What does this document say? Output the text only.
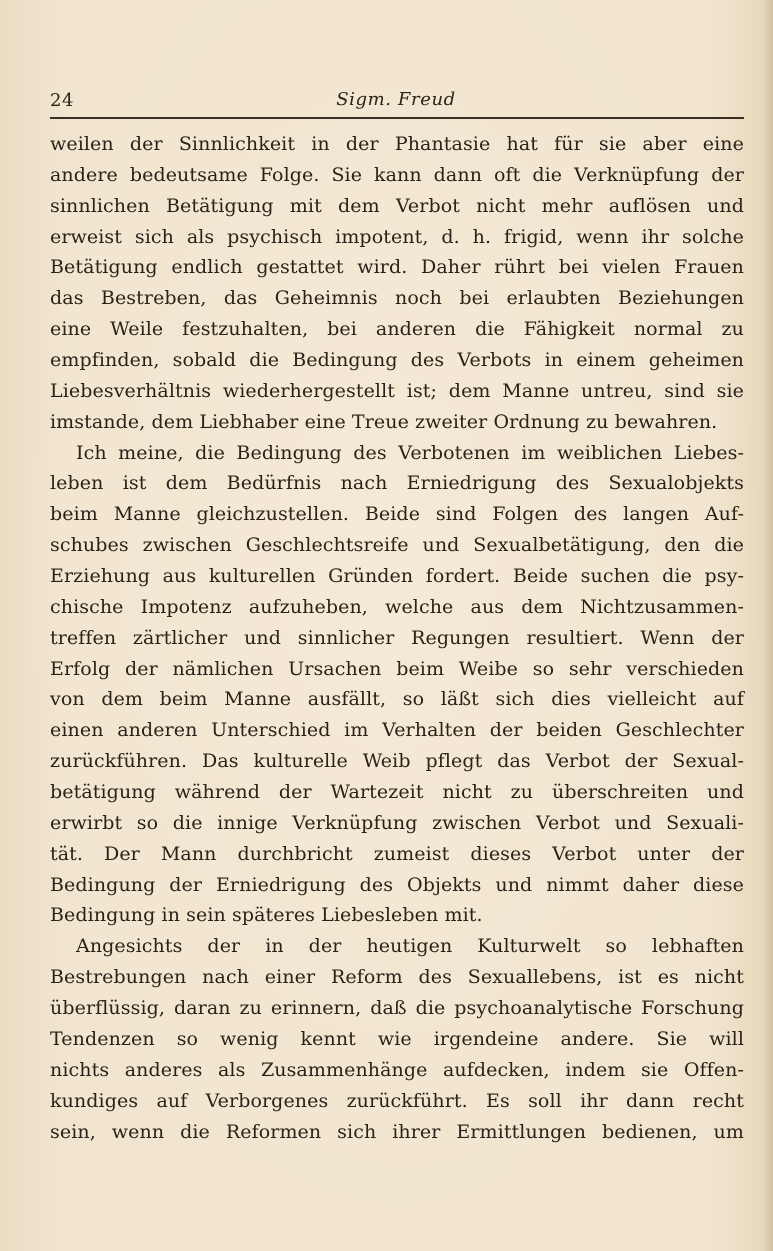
24	Sigm. Freud
weilen der Sinnlichkeit in der Phantasie hat für sie aber eine
andere bedeutsame Folge. Sie kann dann oft die Verknüpfung der
sinnlichen Betätigung mit dem Verbot nicht mehr auflösen und
erweist sich als psychisch impotent, d. h. frigid, wenn ihr solche
Betätigung endlich gestattet wird. Daher rührt bei vielen Frauen
das Bestreben, das Geheimnis noch bei erlaubten Beziehungen
eine Weile festzuhalten, bei anderen die Fähigkeit normal zu
empfinden, sobald die Bedingung des Verbots in einem geheimen
Liebesverhältnis wiederhergestellt ist; dem Manne untreu, sind sie
imstande, dem Liebhaber eine Treue zweiter Ordnung zu bewahren.
Ich meine, die Bedingung des Verbotenen im weiblichen Liebes-
leben ist dem Bedürfnis nach Erniedrigung des Sexualobjekts
beim Manne gleichzustellen. Beide sind Folgen des langen Auf-
schubes zwischen Geschlechtsreife und Sexualbetätigung, den die
Erziehung aus kulturellen Gründen fordert. Beide suchen die psy-
chische Impotenz aufzuheben, welche aus dem Nichtzusammen-
treffen zärtlicher und sinnlicher Regungen resultiert. Wenn der
Erfolg der nämlichen Ursachen beim Weibe so sehr verschieden
von dem beim Manne ausfällt, so läßt sich dies vielleicht auf
einen anderen Unterschied im Verhalten der beiden Geschlechter
zurückführen. Das kulturelle Weib pflegt das Verbot der Sexual-
betätigung während der Wartezeit nicht zu überschreiten und
erwirbt so die innige Verknüpfung zwischen Verbot und Sexuali-
tät. Der Mann durchbricht zumeist dieses Verbot unter der
Bedingung der Erniedrigung des Objekts und nimmt daher diese
Bedingung in sein späteres Liebesleben mit.
Angesichts der in der heutigen Kulturwelt so lebhaften
Bestrebungen nach einer Reform des Sexuallebens, ist es nicht
überflüssig, daran zu erinnern, daß die psychoanalytische Forschung
Tendenzen so wenig kennt wie irgendeine andere. Sie will
nichts anderes als Zusammenhänge aufdecken, indem sie Offen-
kundiges auf Verborgenes zurückführt. Es soll ihr dann recht
sein, wenn die Reformen sich ihrer Ermittlungen bedienen, um
